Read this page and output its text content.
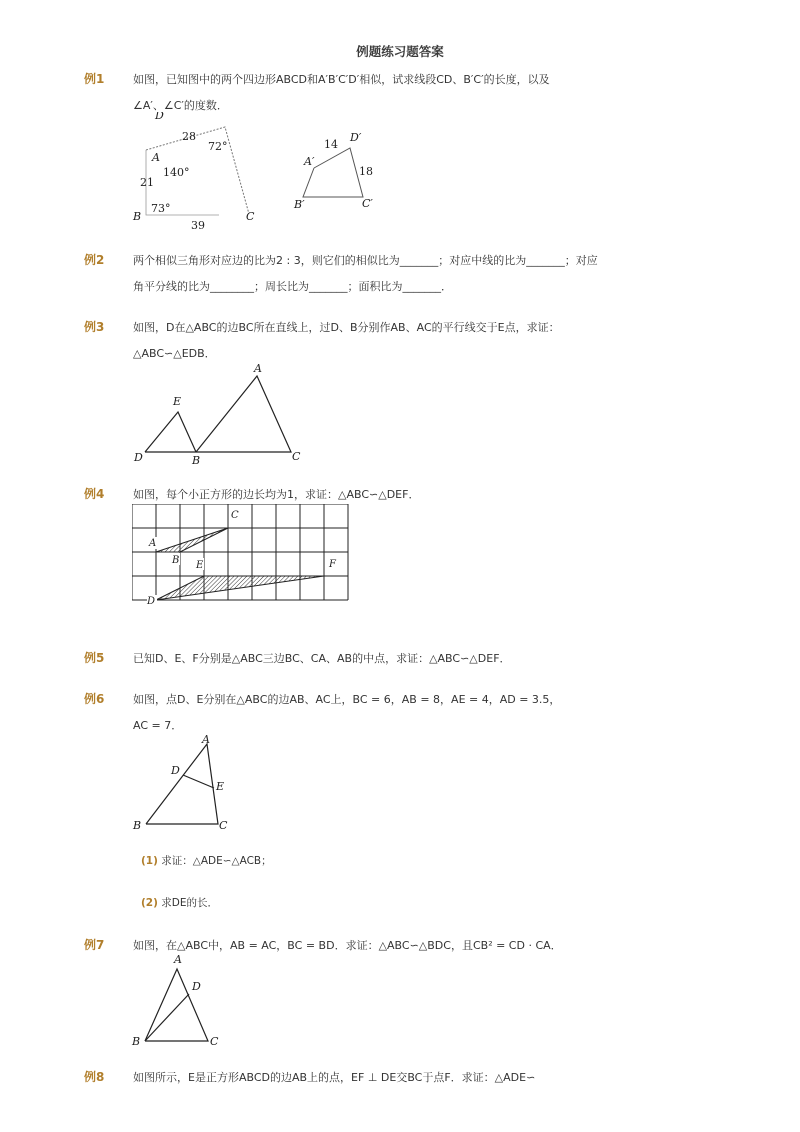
例题练习题答案
例1	如图，已知图中的两个四边形ABCD和A′B′C′D′相似，试求线段CD、B′C′的长度，以及
∠A′、∠C′的度数．
D
A
B	C
28
21
39
140°
73°
72°
D′
A′
B′	C′
14
18
例2	两个相似三角形对应边的比为2 : 3，则它们的相似比为_______；对应中线的比为_______；对应
角平分线的比为________；周长比为_______；面积比为_______．
例3	如图，D在△ABC的边BC所在直线上，过D、B分别作AB、AC的平行线交于E点，求证：
△ABC∽△EDB．
A
E
D	B	C
例4	如图，每个小正方形的边长均为1，求证：△ABC∽△DEF．
A
B
C
D
E	F
例5	已知D、E、F分别是△ABC三边BC、CA、AB的中点，求证：△ABC∽△DEF．
例6	如图，点D、E分别在△ABC的边AB、AC上，BC = 6，AB = 8，AE = 4，AD = 3.5，
AC = 7．
A
D
E
B	C
(1) 求证：△ADE∽△ACB；
(2) 求DE的长．
例7	如图，在△ABC中，AB = AC，BC = BD．求证：△ABC∽△BDC，且CB² = CD · CA．
A
D
B	C
例8	如图所示，E是正方形ABCD的边AB上的点，EF ⊥ DE交BC于点F．求证：△ADE∽
